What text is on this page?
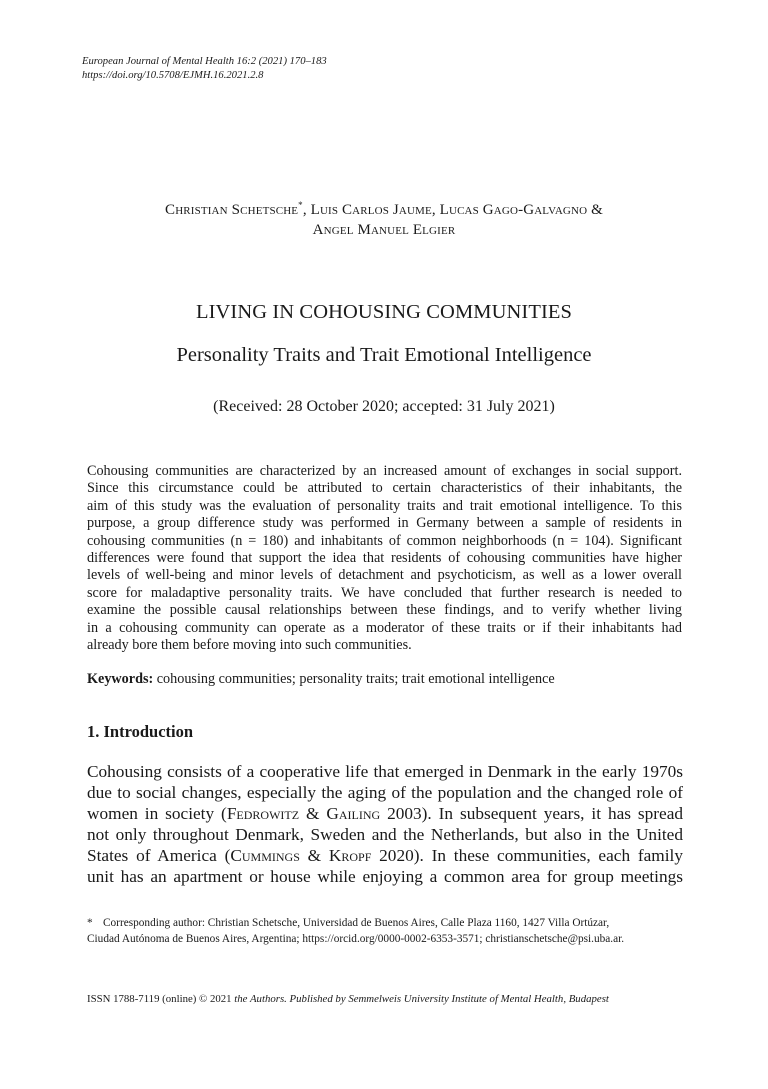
European Journal of Mental Health 16:2 (2021) 170–183
https://doi.org/10.5708/EJMH.16.2021.2.8
Christian Schetsche*, Luis Carlos Jaume, Lucas Gago-Galvagno &
Angel Manuel Elgier
LIVING IN COHOUSING COMMUNITIES
Personality Traits and Trait Emotional Intelligence
(Received: 28 October 2020; accepted: 31 July 2021)
Cohousing communities are characterized by an increased amount of exchanges in social support.
Since this circumstance could be attributed to certain characteristics of their inhabitants, the
aim of this study was the evaluation of personality traits and trait emotional intelligence. To this
purpose, a group difference study was performed in Germany between a sample of residents in
cohousing communities (n = 180) and inhabitants of common neighborhoods (n = 104). Significant
differences were found that support the idea that residents of cohousing communities have higher
levels of well-being and minor levels of detachment and psychoticism, as well as a lower overall
score for maladaptive personality traits. We have concluded that further research is needed to
examine the possible causal relationships between these findings, and to verify whether living
in a cohousing community can operate as a moderator of these traits or if their inhabitants had
already bore them before moving into such communities.
Keywords: cohousing communities; personality traits; trait emotional intelligence
1. Introduction
Cohousing consists of a cooperative life that emerged in Denmark in the early 1970s
due to social changes, especially the aging of the population and the changed role of
women in society (Fedrowitz & Gailing 2003). In subsequent years, it has spread
not only throughout Denmark, Sweden and the Netherlands, but also in the United
States of America (Cummings & Kropf 2020). In these communities, each family
unit has an apartment or house while enjoying a common area for group meetings
* Corresponding author: Christian Schetsche, Universidad de Buenos Aires, Calle Plaza 1160, 1427 Villa Ortúzar,
Ciudad Autónoma de Buenos Aires, Argentina; https://orcid.org/0000-0002-6353-3571; christianschetsche@psi.uba.ar.
ISSN 1788-7119 (online) © 2021 the Authors. Published by Semmelweis University Institute of Mental Health, Budapest
